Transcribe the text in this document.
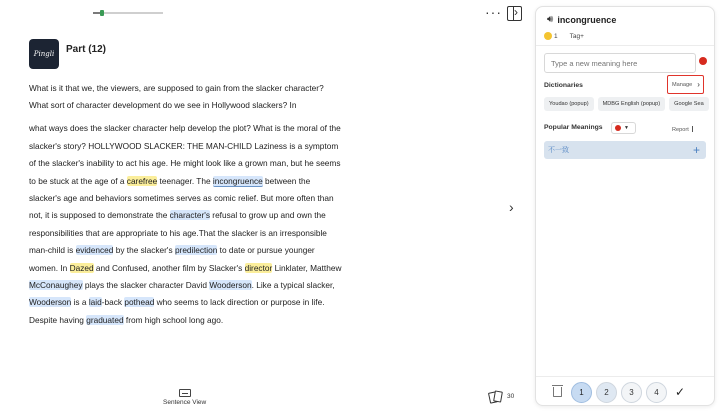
···
›
Pingli	Part (12)

What is it that we, the viewers, are supposed to gain from the slacker character? What sort of character development do we see in Hollywood slackers? In

what ways does the slacker character help develop the plot? What is the moral of the slacker's story? HOLLYWOOD SLACKER: THE MAN-CHILD Laziness is a symptom of the slacker's inability to act his age. He might look like a grown man, but he seems to be stuck at the age of a carefree teenager. The incongruence between the slacker's age and behaviors sometimes serves as comic relief. But more often than not, it is supposed to demonstrate the character's refusal to grow up and own the responsibilities that are appropriate to his age.That the slacker is an irresponsible man-child is evidenced by the slacker's predilection to date or pursue younger women. In Dazed and Confused, another film by Slacker's director Linklater, Matthew McConaughey plays the slacker character David Wooderson. Like a typical slacker, Wooderson is a laid-back pothead who seems to lack direction or purpose in life. Despite having graduated from high school long ago.

›
Sentence View
30
🔊︎ incongruence
1 Tag+
Type a new meaning here
Dictionaries	Manage ›
Youdao (popup)	MDBG English (popup)	Google Sea
Popular Meanings	▼	Report
不一致	+
1	2	3	4	✓
